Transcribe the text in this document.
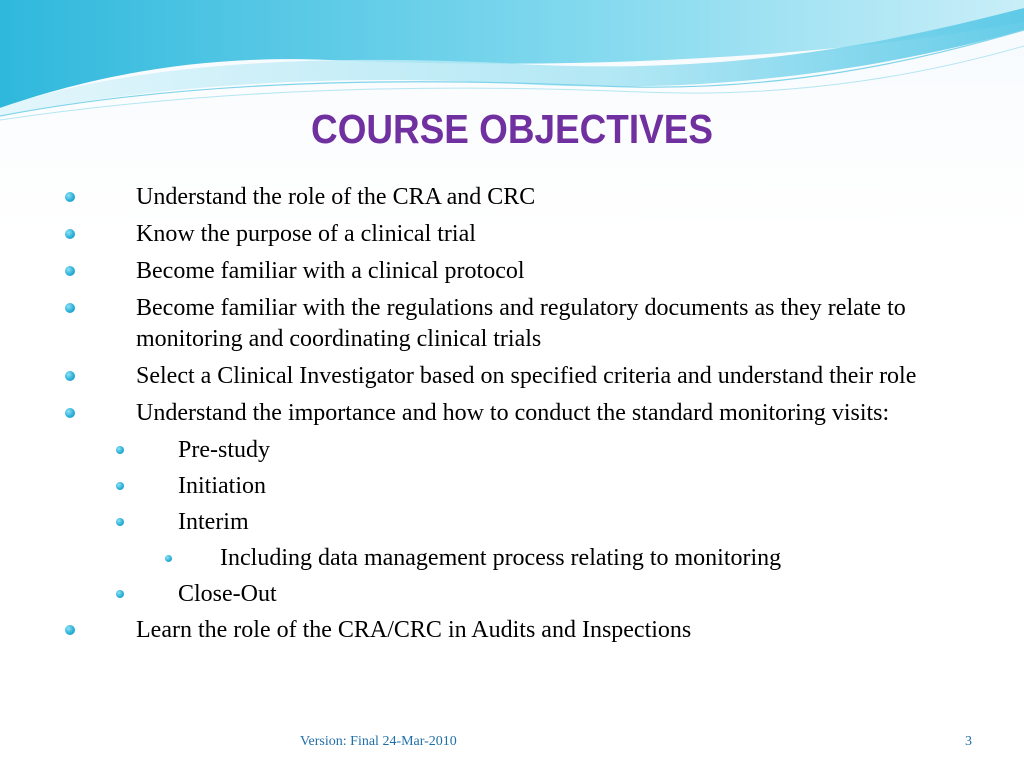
COURSE OBJECTIVES
Understand the role of the CRA and CRC
Know the purpose of a clinical trial
Become familiar with a clinical protocol
Become familiar with the regulations and regulatory documents as they relate to monitoring and coordinating clinical trials
Select a Clinical Investigator based on specified criteria and understand their role
Understand the importance and how to conduct the standard monitoring visits:
Pre-study
Initiation
Interim
Including data management process relating to monitoring
Close-Out
Learn the role of the CRA/CRC in Audits and Inspections
Version: Final 24-Mar-2010	3
